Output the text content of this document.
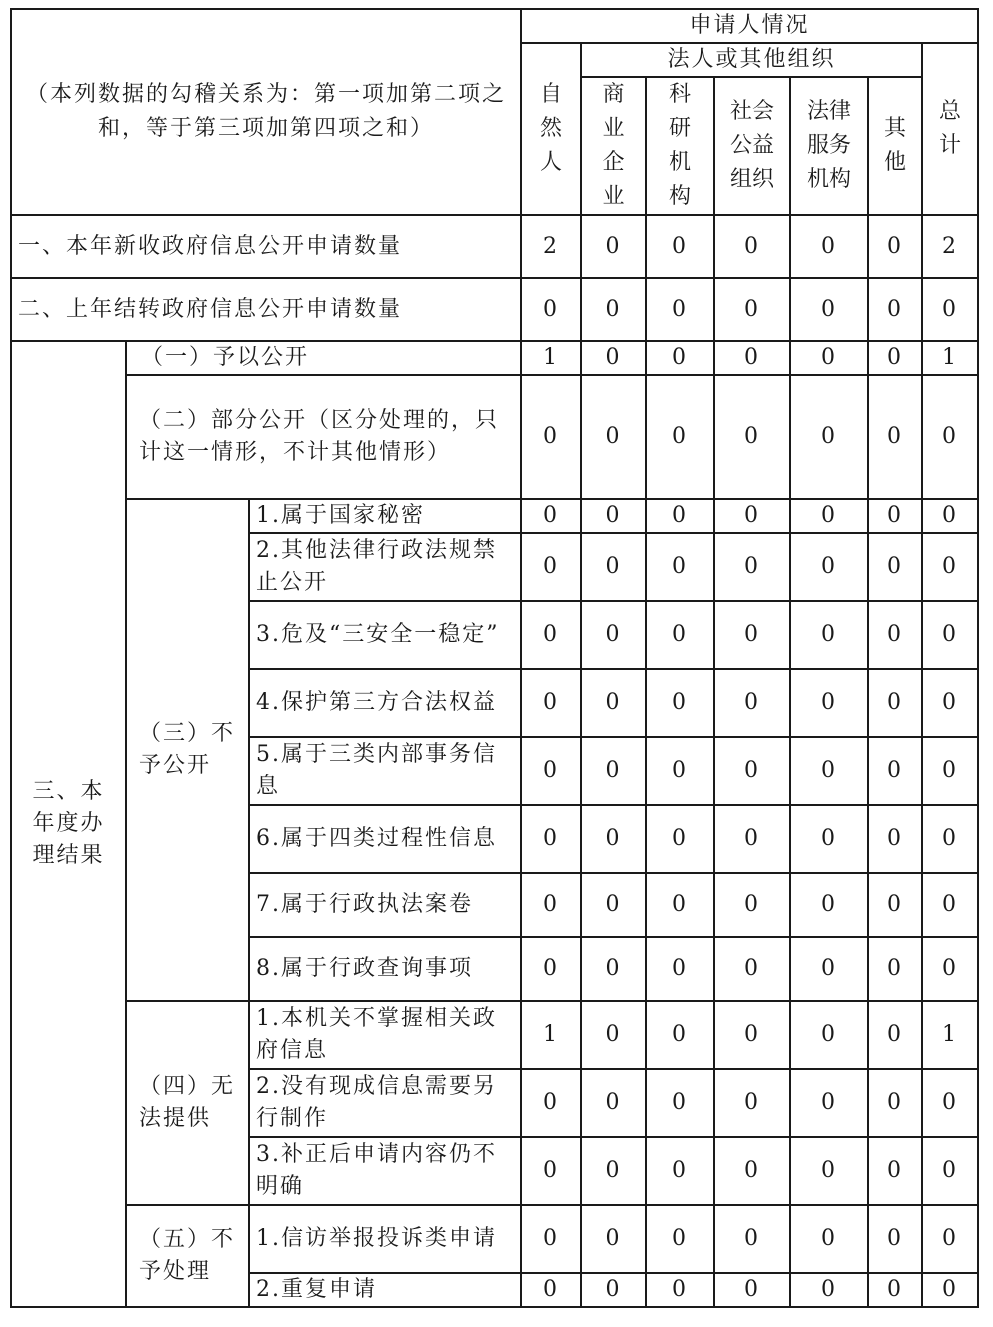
（本列数据的勾稽关系为：第一项加第二项之和，等于第三项加第四项之和）			申请人情况						
			自然人	法人或其他组织					总计
				商业企业	科研机构	社会公益组织	法律服务机构	其他	
一、本年新收政府信息公开申请数量			2	0	0	0	0	0	2
二、上年结转政府信息公开申请数量			0	0	0	0	0	0	0
三、本年度办理结果	（一）予以公开		1	0	0	0	0	0	1
	（二）部分公开（区分处理的，只计这一情形，不计其他情形）		0	0	0	0	0	0	0
	（三）不予公开	1.属于国家秘密	0	0	0	0	0	0	0
		2.其他法律行政法规禁止公开	0	0	0	0	0	0	0
		3.危及“三安全一稳定”	0	0	0	0	0	0	0
		4.保护第三方合法权益	0	0	0	0	0	0	0
		5.属于三类内部事务信息	0	0	0	0	0	0	0
		6.属于四类过程性信息	0	0	0	0	0	0	0
		7.属于行政执法案卷	0	0	0	0	0	0	0
		8.属于行政查询事项	0	0	0	0	0	0	0
	（四）无法提供	1.本机关不掌握相关政府信息	1	0	0	0	0	0	1
		2.没有现成信息需要另行制作	0	0	0	0	0	0	0
		3.补正后申请内容仍不明确	0	0	0	0	0	0	0
	（五）不予处理	1.信访举报投诉类申请	0	0	0	0	0	0	0
		2.重复申请	0	0	0	0	0	0	0
